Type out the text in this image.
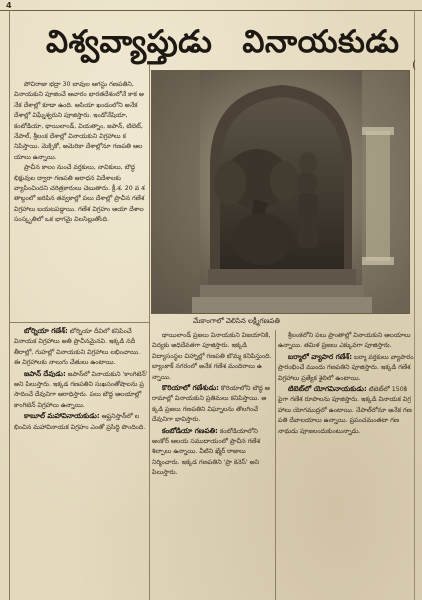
4
(
విశ్వవ్యాప్తుడు వినాయకుడు

పోచిరాజు భద్రా 30 బావుల ఆగస్టు గణపతిని, వినాయకుని పూజించే ఆచారం భారతదేశంలోనే కాక అనేక దేశాల్లో కూడా ఉంది. ఆసియా ఖండంలోని అనేక దేశాల్లో విఘ్నేశ్వరుని పూజిస్తారు. ఇండోనేషియా, కంబోడియా, థాయిలాండ్, వియత్నాం, జపాన్, టిబెట్, నేపాల్, శ్రీలంక దేశాల్లో వినాయకుని విగ్రహాలు కనిపిస్తాయి. మెక్సికో, అమెరికా దేశాల్లోనూ గణపతి ఆలయాలు ఉన్నాయి.

ప్రాచీన కాలం నుంచే వర్తకులు, నావికులు, బౌద్ధ భిక్షువుల ద్వారా గణపతి ఆరాధన విదేశాలకు వ్యాపించిందని చరిత్రకారులు చెబుతారు. క్రీ.శ. 20 వ శతాబ్దంలో జరిపిన తవ్వకాల్లో పలు దేశాల్లో ప్రాచీన గణేశ విగ్రహాలు బయటపడ్డాయి. గణేశ విగ్రహం ఆయా దేశాల సంస్కృతిలో ఒక భాగమై విలసిల్లుతోంది.

మేకాంగాలో వెలిసిన లక్ష్మీగణపతి

బోర్నియా గణేశ్: బోర్నియా దీవిలో కనిపించే వినాయక విగ్రహాలు అతి ప్రాచీనమైనవి. ఇక్కడి నదీ తీరాల్లో, గుహల్లో వినాయకుని విగ్రహాలు లభించాయి. ఈ విగ్రహాలకు నాలుగు చేతులు ఉంటాయి.

జపాన్ దేవుడు: జపాన్‌లో వినాయకుని 'కాంగిటెన్' అని పిలుస్తారు. ఇక్కడ గణపతిని సుఖసంతోషాలను ప్రసాదించే దేవునిగా ఆరాధిస్తారు. పలు బౌద్ధ ఆలయాల్లో కాంగిటెన్ విగ్రహాలు ఉన్నాయి.

కాబూల్ మహావినాయకుడు: ఆఫ్ఘనిస్తాన్‌లో లభించిన మహావినాయక విగ్రహం ఎంతో ప్రసిద్ధి పొందింది.

థాయిలాండ్ ప్రజలు వినాయకుని విజయానికి, విద్యకు అధిదేవతగా పూజిస్తారు. ఇక్కడి విద్యాసంస్థల చిహ్నాల్లో గణపతి బొమ్మ కనిపిస్తుంది. బ్యాంకాక్ నగరంలో అనేక గణేశ మందిరాలు ఉన్నాయి.

కొరియాలో గణేశుడు: కొరియాలోని బౌద్ధ ఆరామాల్లో వినాయకుని ప్రతిమలు కనిపిస్తాయి. అక్కడి ప్రజలు గణపతిని విఘ్నాలను తొలగించే దేవునిగా భావిస్తారు.

కంబోడియా గణపతి: కంబోడియాలోని అంకోర్ ఆలయ సముదాయంలో ప్రాచీన గణేశ శిల్పాలు ఉన్నాయి. వీటిని ఖ్మేర్ రాజులు నిర్మించారు. ఇక్కడ గణపతిని 'ప్రా కెనెస్' అని పిలుస్తారు.

శ్రీలంకలోని పలు ప్రాంతాల్లో వినాయకుని ఆలయాలు ఉన్నాయి. తమిళ ప్రజలు ఎక్కువగా పూజిస్తారు.

బర్మాలో వ్యాపార గణేశ్: బర్మా వర్తకులు వ్యాపారం ప్రారంభించే ముందు గణపతిని పూజిస్తారు. ఇక్కడి గణేశ విగ్రహాలు ప్రత్యేక శైలిలో ఉంటాయి.

టిబెట్‌లో యోగవినాయకుడు: టిబెట్‌లో 150కి పైగా గణేశ రూపాలను పూజిస్తారు. ఇక్కడి వినాయక విగ్రహాలు యోగముద్రలో ఉంటాయి. నేపాల్‌లోనూ అనేక గణపతి దేవాలయాలు ఉన్నాయి. ప్రపంచమంతటా గణనాథుడు పూజలందుకుంటున్నాడు.
